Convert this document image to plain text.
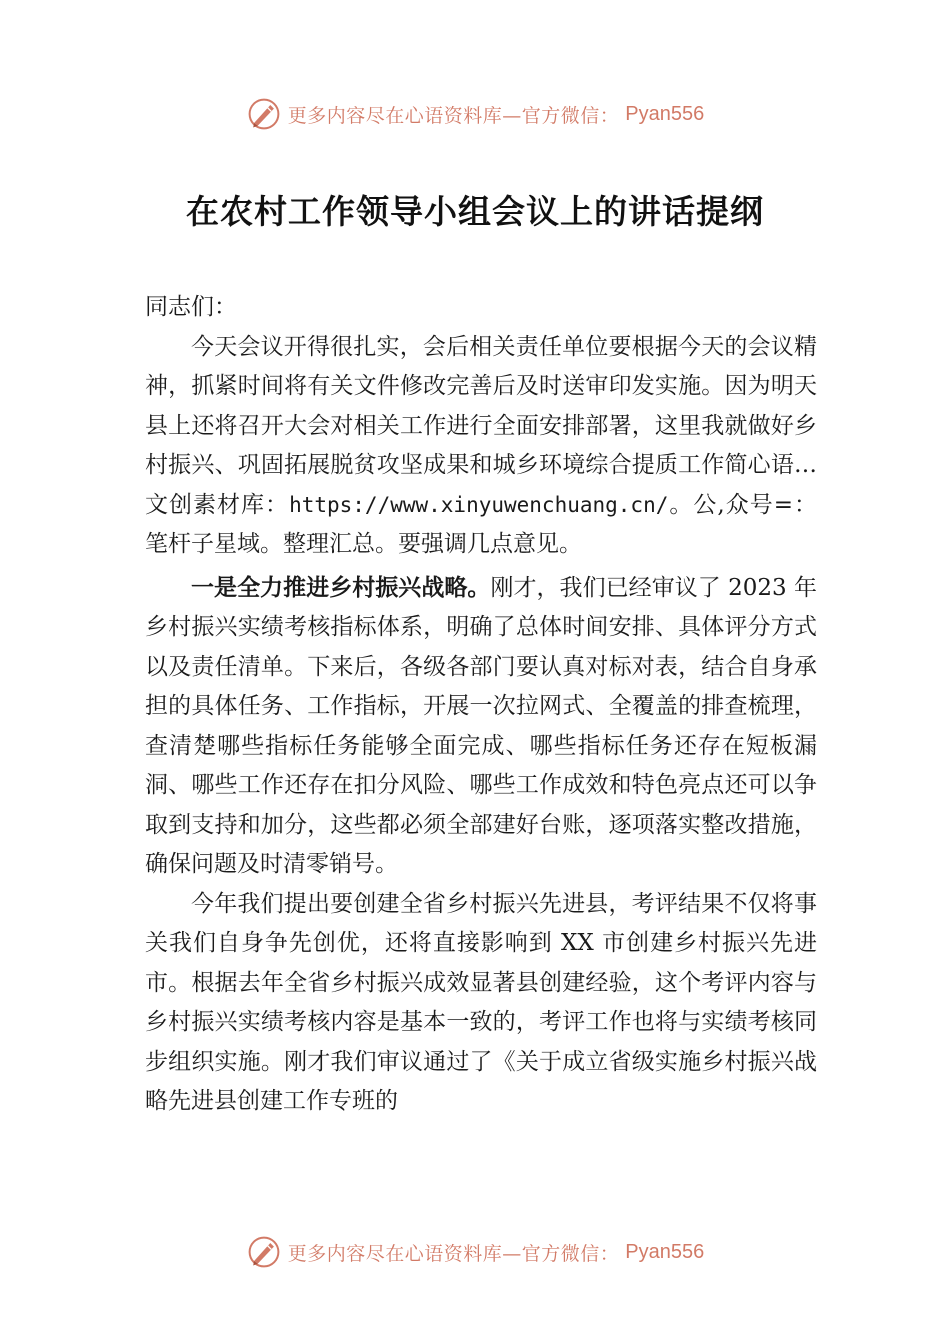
更多内容尽在心语资料库—官方微信： Pyan556
在农村工作领导小组会议上的讲话提纲

同志们：

今天会议开得很扎实，会后相关责任单位要根据今天的会议精神，抓紧时间将有关文件修改完善后及时送审印发实施。因为明天县上还将召开大会对相关工作进行全面安排部署，这里我就做好乡村振兴、巩固拓展脱贫攻坚成果和城乡环境综合提质工作简心语…文创素材库：https://www.xinyuwenchuang.cn/。公,众号=：笔杆子星域。整理汇总。要强调几点意见。

一是全力推进乡村振兴战略。刚才，我们已经审议了 2023 年乡村振兴实绩考核指标体系，明确了总体时间安排、具体评分方式以及责任清单。下来后，各级各部门要认真对标对表，结合自身承担的具体任务、工作指标，开展一次拉网式、全覆盖的排查梳理，查清楚哪些指标任务能够全面完成、哪些指标任务还存在短板漏洞、哪些工作还存在扣分风险、哪些工作成效和特色亮点还可以争取到支持和加分，这些都必须全部建好台账，逐项落实整改措施，确保问题及时清零销号。

今年我们提出要创建全省乡村振兴先进县，考评结果不仅将事关我们自身争先创优，还将直接影响到 XX 市创建乡村振兴先进市。根据去年全省乡村振兴成效显著县创建经验，这个考评内容与乡村振兴实绩考核内容是基本一致的，考评工作也将与实绩考核同步组织实施。刚才我们审议通过了《关于成立省级实施乡村振兴战略先进县创建工作专班的

更多内容尽在心语资料库—官方微信： Pyan556
